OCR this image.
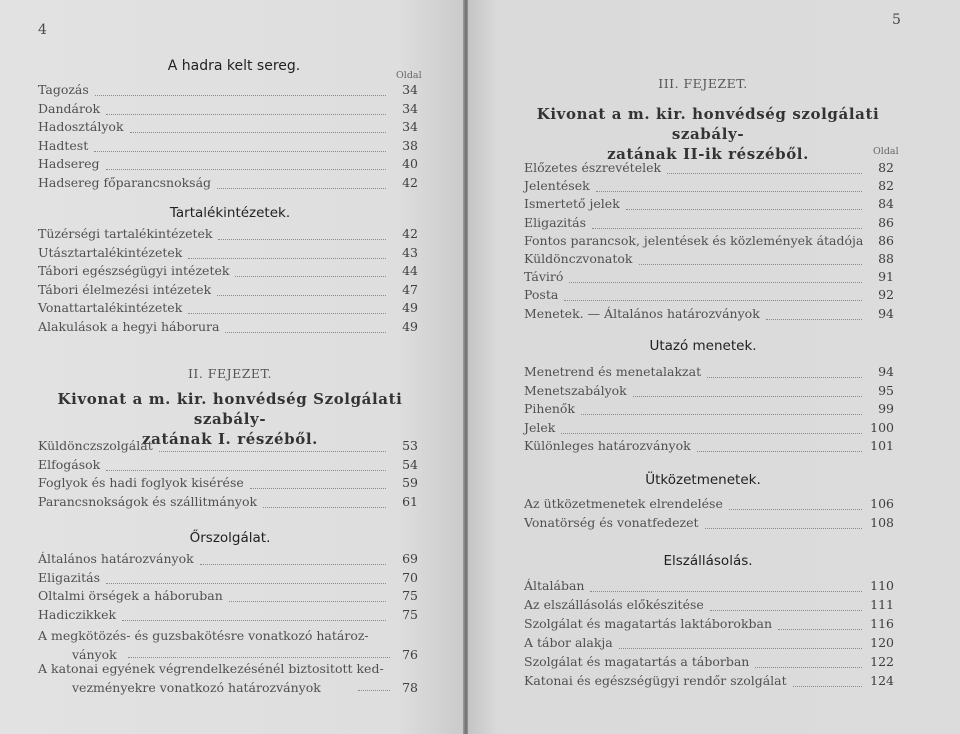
4
A hadra kelt sereg.
Oldal
Tagozás	34
Dandárok	34
Hadosztályok	34
Hadtest	38
Hadsereg	40
Hadsereg főparancsnokság	42
Tartalékintézetek.
Tüzérségi tartalékintézetek	42
Utásztartalékintézetek	43
Tábori egészségügyi intézetek	44
Tábori élelmezési intézetek	47
Vonattartalékintézetek	49
Alakulások a hegyi háborura	49
II. FEJEZET.
Kivonat a m. kir. honvédség Szolgálati szabály-
zatának I. részéből.
Küldönczszolgálat	53
Elfogások	54
Foglyok és hadi foglyok kisérése	59
Parancsnokságok és szállitmányok	61
Őrszolgálat.
Általános határozványok	69
Eligazitás	70
Oltalmi örségek a háboruban	75
Hadiczikkek	75
A megkötözés- és guzsbakötésre vonatkozó határoz-
ványok	76
A katonai egyének végrendelkezésénél biztositott ked-
vezményekre vonatkozó határozványok	78
5
III. FEJEZET.
Kivonat a m. kir. honvédség szolgálati szabály-
zatának II-ik részéből.	Oldal
Előzetes észrevételek	82
Jelentések	82
Ismertető jelek	84
Eligazitás	86
Fontos parancsok, jelentések és közlemények átadója	86
Küldönczvonatok	88
Táviró	91
Posta	92
Menetek. — Általános határozványok	94
Utazó menetek.
Menetrend és menetalakzat	94
Menetszabályok	95
Pihenők	99
Jelek	100
Különleges határozványok	101
Ütközetmenetek.
Az ütközetmenetek elrendelése	106
Vonatörség és vonatfedezet	108
Elszállásolás.
Általában	110
Az elszállásolás előkészitése	111
Szolgálat és magatartás laktáborokban	116
A tábor alakja	120
Szolgálat és magatartás a táborban	122
Katonai és egészségügyi rendőr szolgálat	124
